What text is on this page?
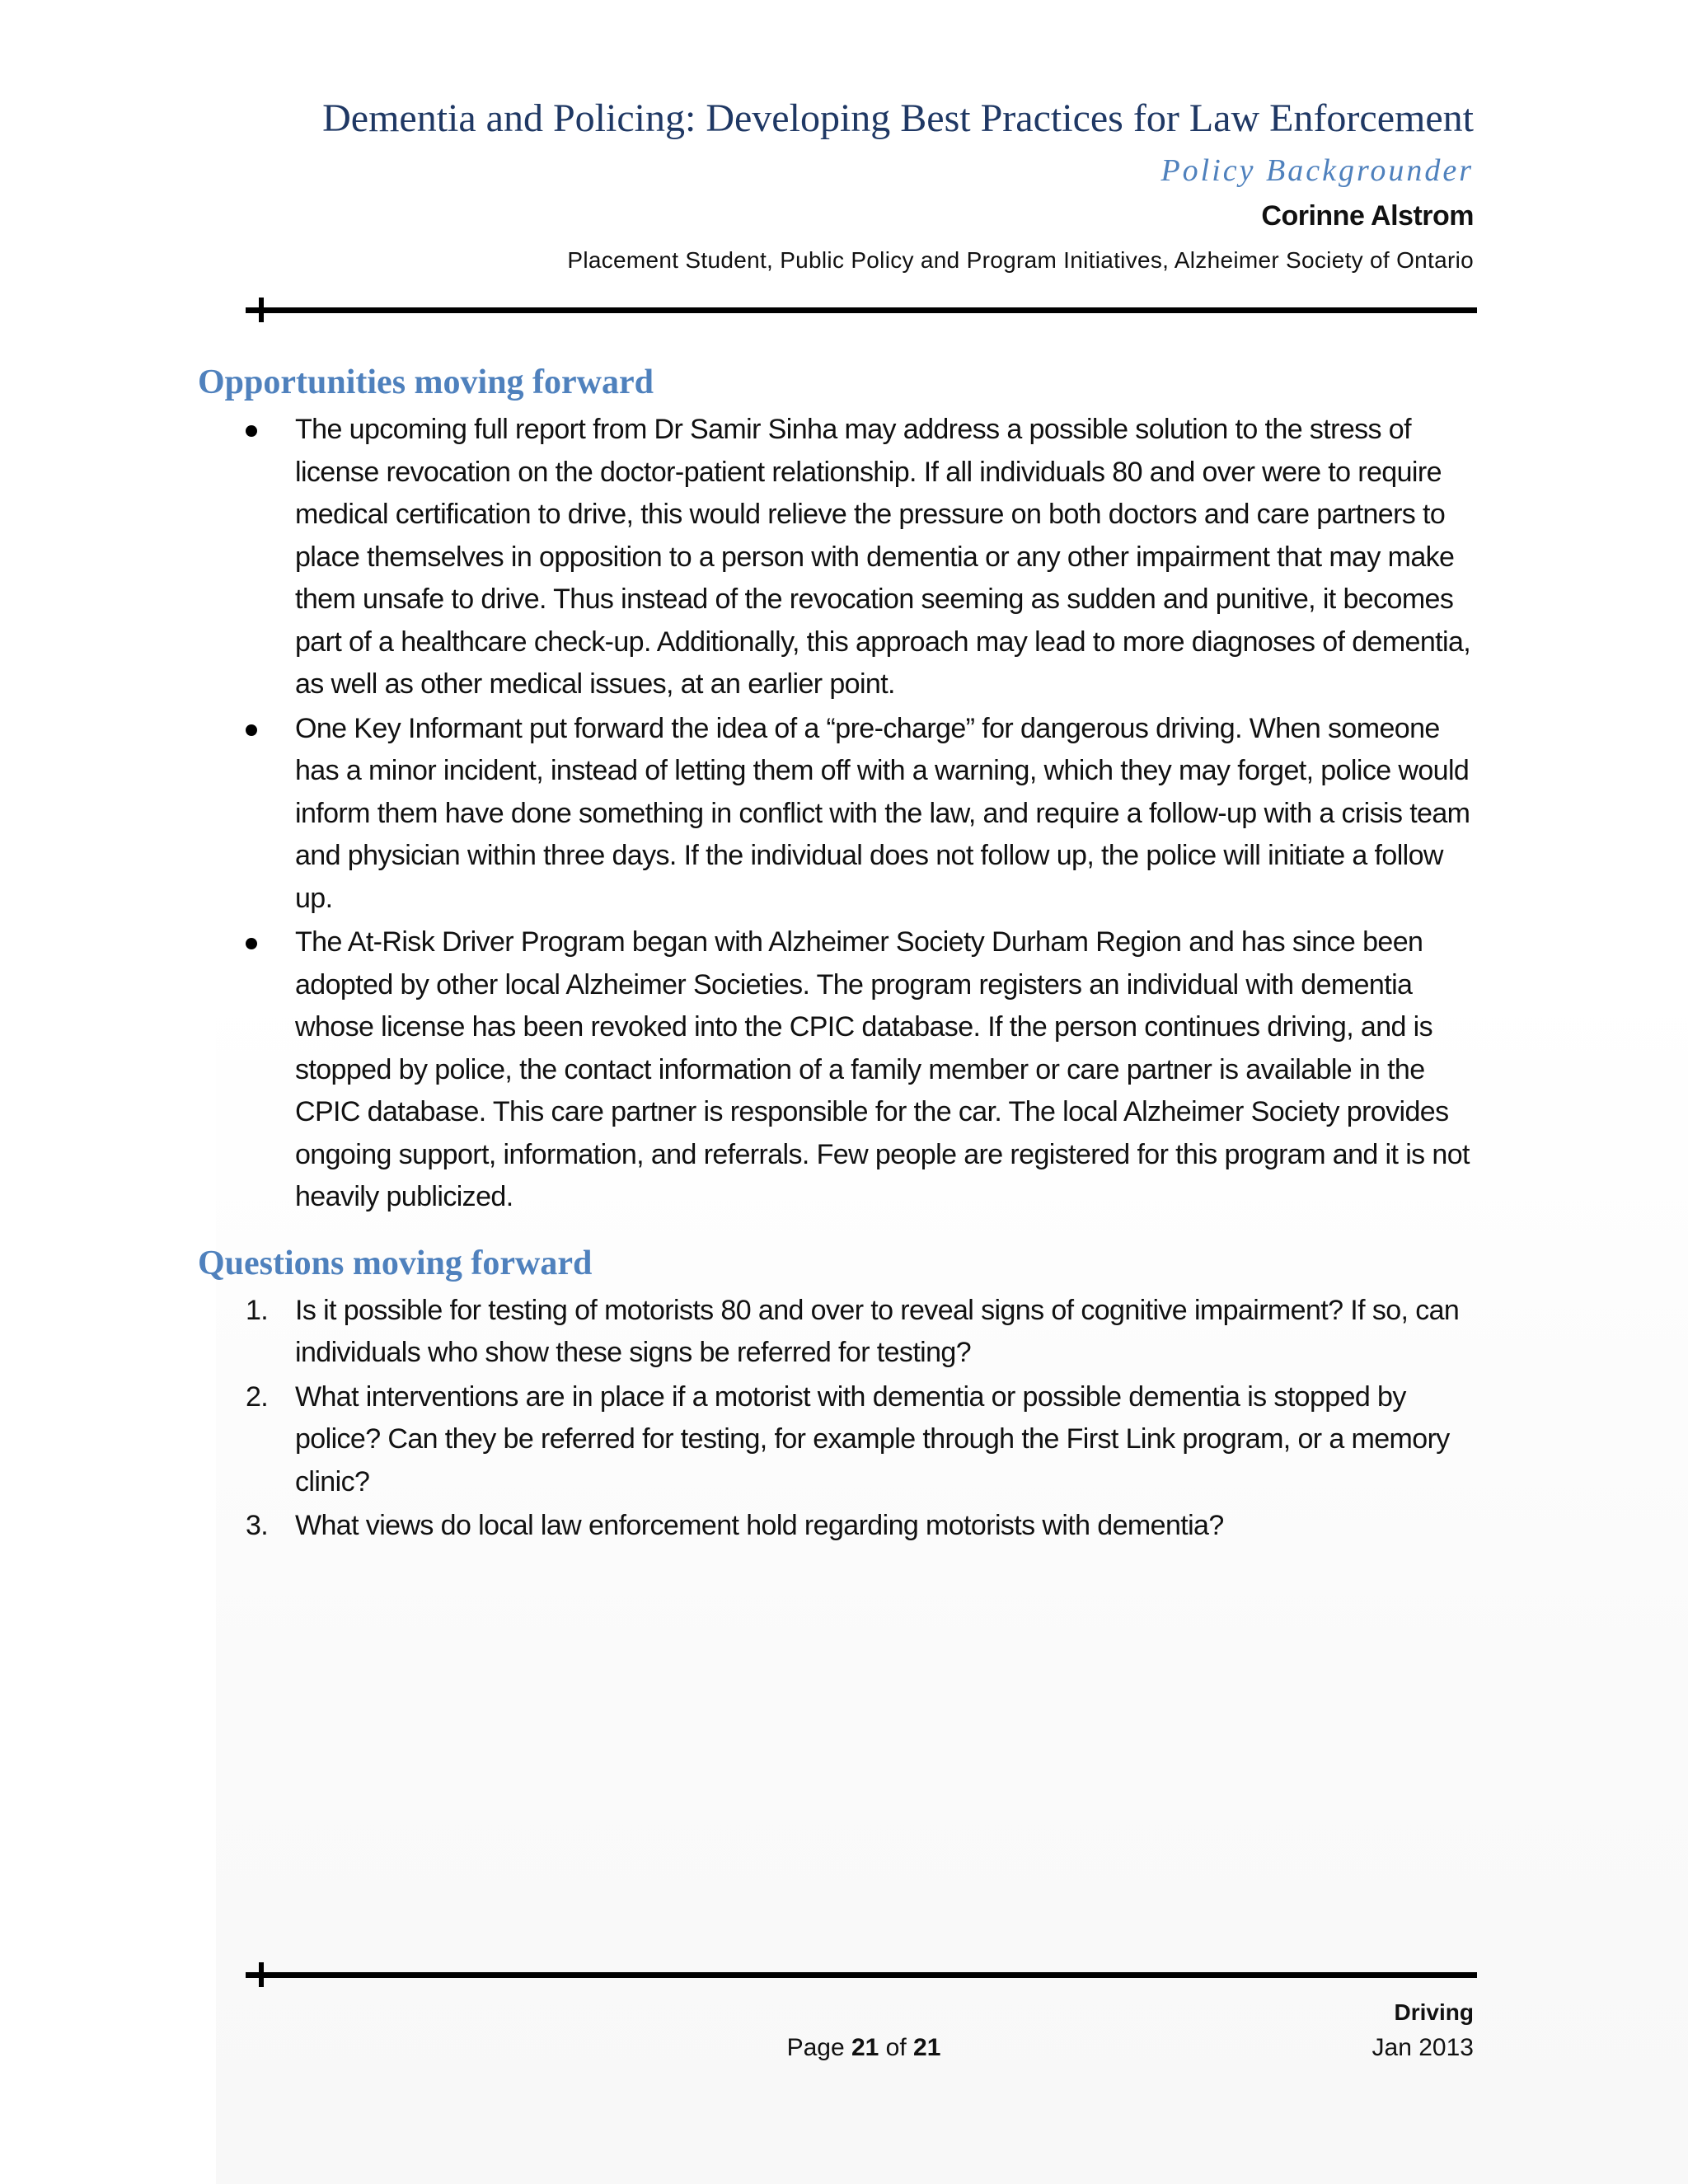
Dementia and Policing: Developing Best Practices for Law Enforcement
Policy Backgrounder
Corinne Alstrom
Placement Student, Public Policy and Program Initiatives, Alzheimer Society of Ontario
Opportunities moving forward
The upcoming full report from Dr Samir Sinha may address a possible solution to the stress of license revocation on the doctor-patient relationship. If all individuals 80 and over were to require medical certification to drive, this would relieve the pressure on both doctors and care partners to place themselves in opposition to a person with dementia or any other impairment that may make them unsafe to drive. Thus instead of the revocation seeming as sudden and punitive, it becomes part of a healthcare check-up. Additionally, this approach may lead to more diagnoses of dementia, as well as other medical issues, at an earlier point.
One Key Informant put forward the idea of a “pre-charge” for dangerous driving. When someone has a minor incident, instead of letting them off with a warning, which they may forget, police would inform them have done something in conflict with the law, and require a follow-up with a crisis team and physician within three days. If the individual does not follow up, the police will initiate a follow up.
The At-Risk Driver Program began with Alzheimer Society Durham Region and has since been adopted by other local Alzheimer Societies. The program registers an individual with dementia whose license has been revoked into the CPIC database. If the person continues driving, and is stopped by police, the contact information of a family member or care partner is available in the CPIC database. This care partner is responsible for the car. The local Alzheimer Society provides ongoing support, information, and referrals. Few people are registered for this program and it is not heavily publicized.
Questions moving forward
1. Is it possible for testing of motorists 80 and over to reveal signs of cognitive impairment? If so, can individuals who show these signs be referred for testing?
2. What interventions are in place if a motorist with dementia or possible dementia is stopped by police? Can they be referred for testing, for example through the First Link program, or a memory clinic?
3. What views do local law enforcement hold regarding motorists with dementia?
Driving
Page 21 of 21	Jan 2013
